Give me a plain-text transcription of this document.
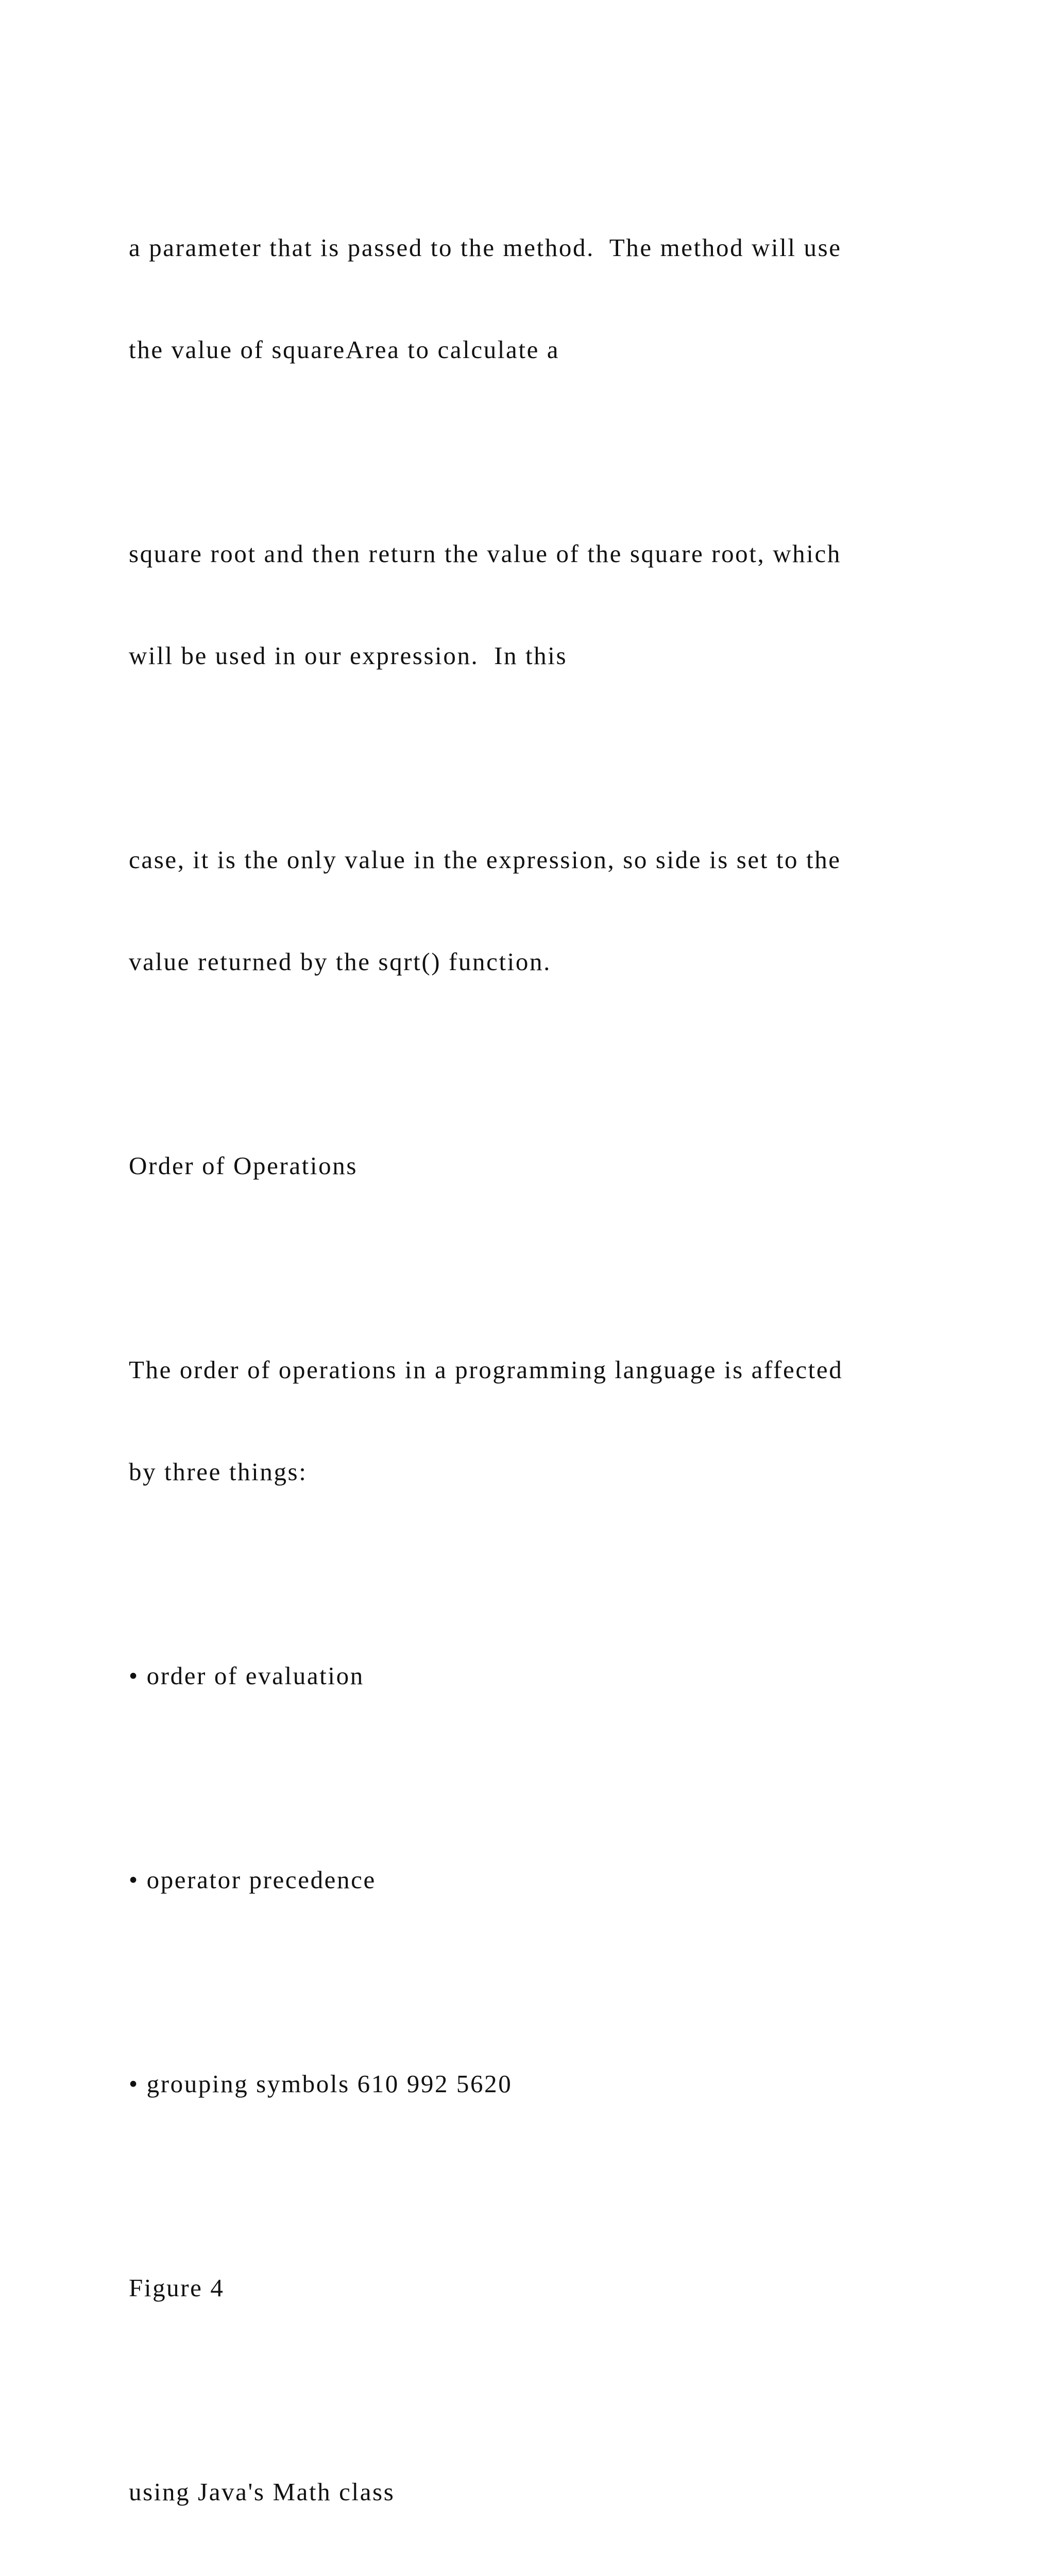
a parameter that is passed to the method.  The method will use

the value of squareArea to calculate a

square root and then return the value of the square root, which

will be used in our expression.  In this

case, it is the only value in the expression, so side is set to the

value returned by the sqrt() function.

Order of Operations

The order of operations in a programming language is affected

by three things:

• order of evaluation

• operator precedence

• grouping symbols 610 992 5620

Figure 4

using Java's Math class
